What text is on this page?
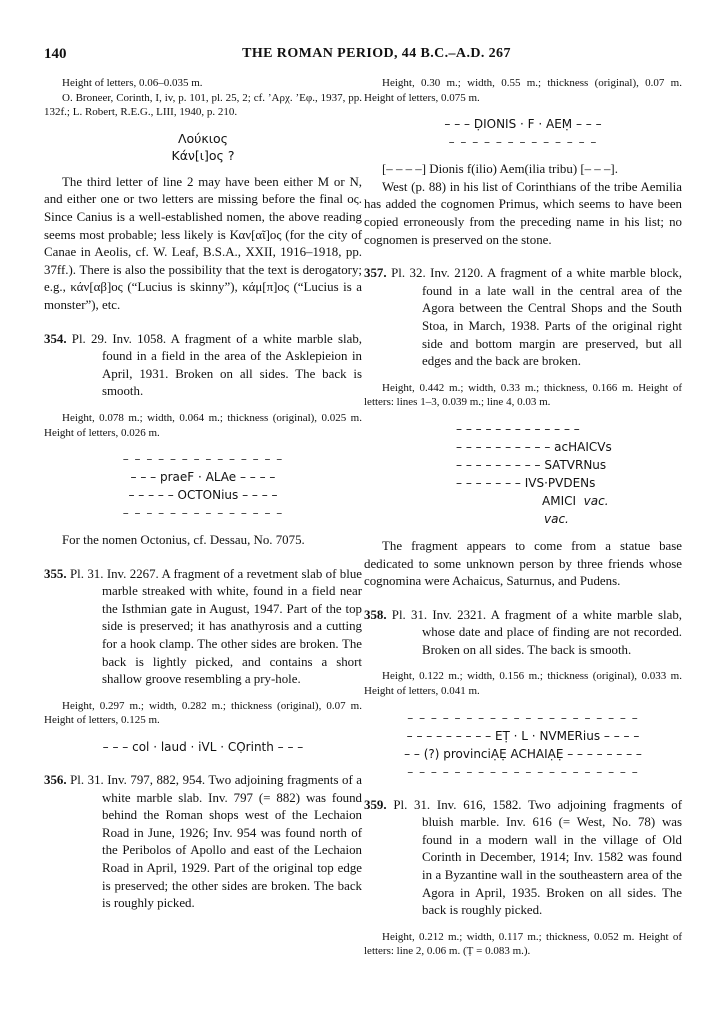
140	THE ROMAN PERIOD, 44 B.C.–A.D. 267

Height of letters, 0.06–0.035 m.

O. Broneer, Corinth, I, iv, p. 101, pl. 25, 2; cf. ’Αρχ. ’Εφ., 1937, pp. 132f.; L. Robert, R.E.G., LIII, 1940, p. 210.

Λούκιος
Κάν[ι]ος ?

The third letter of line 2 may have been either M or N, and either one or two letters are missing before the final ος. Since Canius is a well-established nomen, the above reading seems most probable; less likely is Καν[αῖ]ος (for the city of Canae in Aeolis, cf. W. Leaf, B.S.A., XXII, 1916–1918, pp. 37ff.). There is also the possibility that the text is derogatory; e.g., κάν[αβ]ος (“Lucius is skinny”), κάμ[π]ος (“Lucius is a monster”), etc.

354. Pl. 29. Inv. 1058. A fragment of a white marble slab, found in a field in the area of the Asklepieion in April, 1931. Broken on all sides. The back is smooth.

Height, 0.078 m.; width, 0.064 m.; thickness (original), 0.025 m. Height of letters, 0.026 m.

– – – – – – – – – – – – – –
– – – praeF · ALAe – – – –
– – – – – OCTONius – – – –
– – – – – – – – – – – – – –

For the nomen Octonius, cf. Dessau, No. 7075.

355. Pl. 31. Inv. 2267. A fragment of a revetment slab of blue marble streaked with white, found in a field near the Isthmian gate in August, 1947. Part of the top side is preserved; it has anathyrosis and a cutting for a hook clamp. The other sides are broken. The back is lightly picked, and contains a short shallow groove resembling a pry-hole.

Height, 0.297 m.; width, 0.282 m.; thickness (original), 0.07 m. Height of letters, 0.125 m.

– – – col · laud · iVL · CỌrinth – – –

356. Pl. 31. Inv. 797, 882, 954. Two adjoining fragments of a white marble slab. Inv. 797 (= 882) was found behind the Roman shops west of the Lechaion Road in June, 1926; Inv. 954 was found north of the Peribolos of Apollo and east of the Lechaion Road in April, 1929. Part of the original top edge is preserved; the other sides are broken. The back is roughly picked.

Height, 0.30 m.; width, 0.55 m.; thickness (original), 0.07 m. Height of letters, 0.075 m.

– – – ḌIONIS · F · AEṂ – – –
– – – – – – – – – – – – –

[– – – –] Dionis f(ilio) Aem(ilia tribu) [– – –].

West (p. 88) in his list of Corinthians of the tribe Aemilia has added the cognomen Primus, which seems to have been copied erroneously from the preceding name in his list; no cognomen is preserved on the stone.

357. Pl. 32. Inv. 2120. A fragment of a white marble block, found in a late wall in the central area of the Agora between the Central Shops and the South Stoa, in March, 1938. Parts of the original right side and bottom margin are preserved, but all edges and the back are broken.

Height, 0.442 m.; width, 0.33 m.; thickness, 0.166 m. Height of letters: lines 1–3, 0.039 m.; line 4, 0.03 m.

– – – – – – – – – – – – –
– – – – – – – – – – acHAICVs
– – – – – – – – – SATVRNus
– – – – – – – IVS·PVDENs
AMICI vac.
vac.

The fragment appears to come from a statue base dedicated to some unknown person by three friends whose cognomina were Achaicus, Saturnus, and Pudens.

358. Pl. 31. Inv. 2321. A fragment of a white marble slab, whose date and place of finding are not recorded. Broken on all sides. The back is smooth.

Height, 0.122 m.; width, 0.156 m.; thickness (original), 0.033 m. Height of letters, 0.041 m.

– – – – – – – – – – – – – – – – – – – –
– – – – – – – – – EṬ · L · NVMERius – – – –
– – (?) provinciẠẸ ACHAIẠẸ – – – – – – – –
– – – – – – – – – – – – – – – – – – – –

359. Pl. 31. Inv. 616, 1582. Two adjoining fragments of bluish marble. Inv. 616 (= West, No. 78) was found in a modern wall in the village of Old Corinth in December, 1914; Inv. 1582 was found in a Byzantine wall in the southeastern area of the Agora in April, 1935. Broken on all sides. The back is roughly picked.

Height, 0.212 m.; width, 0.117 m.; thickness, 0.052 m. Height of letters: line 2, 0.06 m. (Ṭ = 0.083 m.).
